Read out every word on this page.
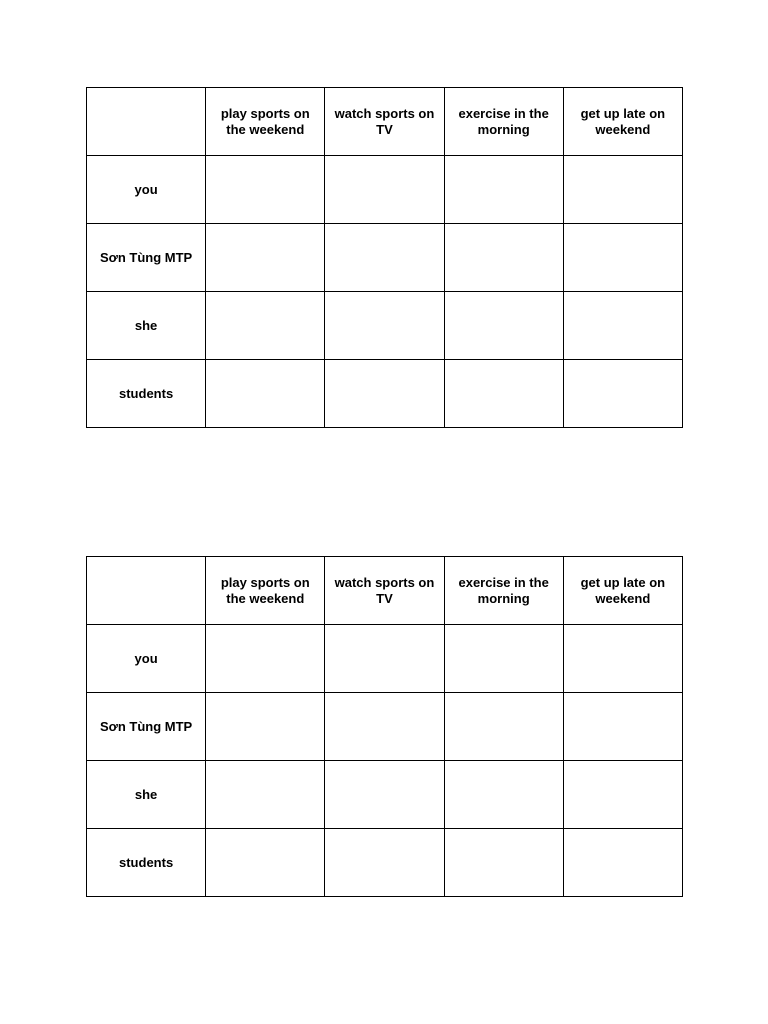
	play sports on the weekend	watch sports on TV	exercise in the morning	get up late on weekend
you				
Sơn Tùng MTP				
she				
students				
	play sports on the weekend	watch sports on TV	exercise in the morning	get up late on weekend
you				
Sơn Tùng MTP				
she				
students				
